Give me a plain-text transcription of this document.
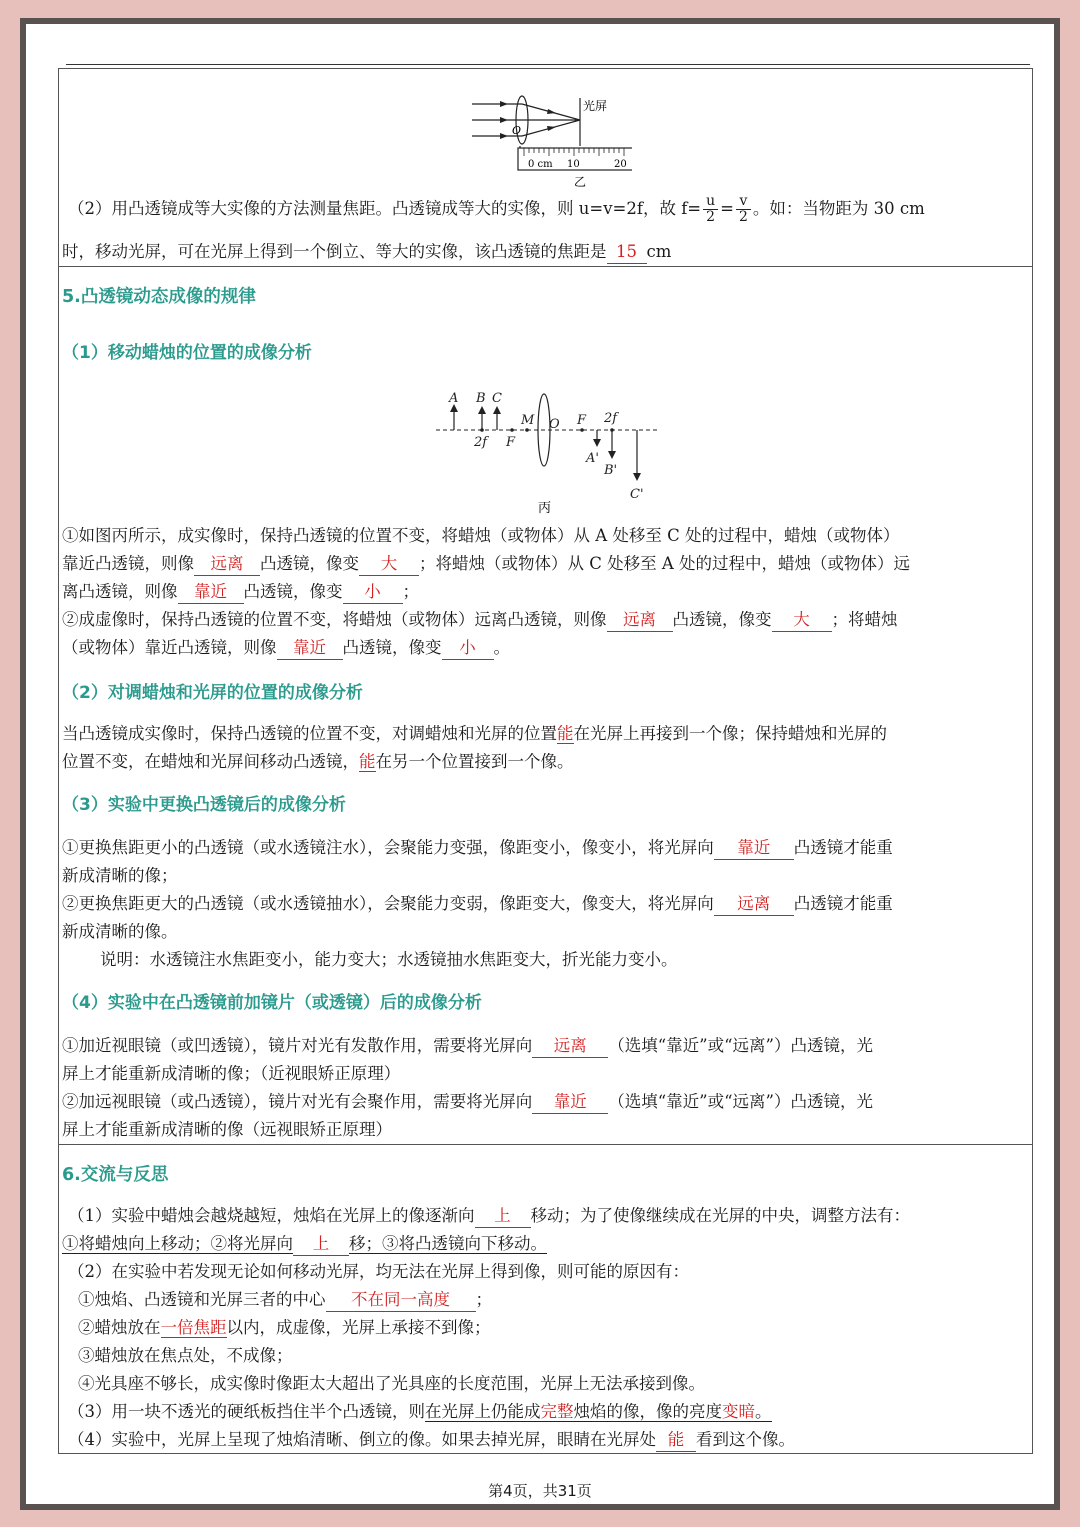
光屏
O
0 cm 10	20
乙
（2）用凸透镜成等大实像的方法测量焦距。凸透镜成等大的实像，则 u=v=2f，故 $f= \frac{u}{2} = \frac{v}{2}$ 。如：当物距为 30 cm
时，移动光屏，可在光屏上得到一个倒立、等大的实像，该凸透镜的焦距是 15 cm
5.凸透镜动态成像的规律
（1）移动蜡烛的位置的成像分析
A B C
M O F 2f
2f F
A'
B'
C'
丙
①如图丙所示，成实像时，保持凸透镜的位置不变，将蜡烛（或物体）从 A 处移至 C 处的过程中，蜡烛（或物体）
靠近凸透镜，则像 远离 凸透镜，像变 大 ；将蜡烛（或物体）从 C 处移至 A 处的过程中，蜡烛（或物体）远
离凸透镜，则像 靠近 凸透镜，像变 小 ；
②成虚像时，保持凸透镜的位置不变，将蜡烛（或物体）远离凸透镜，则像 远离 凸透镜，像变 大 ；将蜡烛
（或物体）靠近凸透镜，则像 靠近 凸透镜，像变 小 。
（2）对调蜡烛和光屏的位置的成像分析
当凸透镜成实像时，保持凸透镜的位置不变，对调蜡烛和光屏的位置能在光屏上再接到一个像；保持蜡烛和光屏的
位置不变，在蜡烛和光屏间移动凸透镜，能在另一个位置接到一个像。
（3）实验中更换凸透镜后的成像分析
①更换焦距更小的凸透镜（或水透镜注水），会聚能力变强，像距变小，像变小，将光屏向 靠近 凸透镜才能重
新成清晰的像；
②更换焦距更大的凸透镜（或水透镜抽水），会聚能力变弱，像距变大，像变大，将光屏向 远离 凸透镜才能重
新成清晰的像。
说明：水透镜注水焦距变小，能力变大；水透镜抽水焦距变大，折光能力变小。
（4）实验中在凸透镜前加镜片（或透镜）后的成像分析
①加近视眼镜（或凹透镜），镜片对光有发散作用，需要将光屏向 远离 （选填“靠近”或“远离”）凸透镜，光
屏上才能重新成清晰的像；（近视眼矫正原理）
②加远视眼镜（或凸透镜），镜片对光有会聚作用，需要将光屏向 靠近 （选填“靠近”或“远离”）凸透镜，光
屏上才能重新成清晰的像（远视眼矫正原理）
6.交流与反思
（1）实验中蜡烛会越烧越短，烛焰在光屏上的像逐渐向 上 移动；为了使像继续成在光屏的中央，调整方法有：
①将蜡烛向上移动；②将光屏向 上 移；③将凸透镜向下移动。
（2）在实验中若发现无论如何移动光屏，均无法在光屏上得到像，则可能的原因有：
①烛焰、凸透镜和光屏三者的中心 不在同一高度 ；
②蜡烛放在一倍焦距以内，成虚像，光屏上承接不到像；
③蜡烛放在焦点处，不成像；
④光具座不够长，成实像时像距太大超出了光具座的长度范围，光屏上无法承接到像。
（3）用一块不透光的硬纸板挡住半个凸透镜，则在光屏上仍能成完整烛焰的像，像的亮度变暗。
（4）实验中，光屏上呈现了烛焰清晰、倒立的像。如果去掉光屏，眼睛在光屏处 能 看到这个像。
第4页，共31页
